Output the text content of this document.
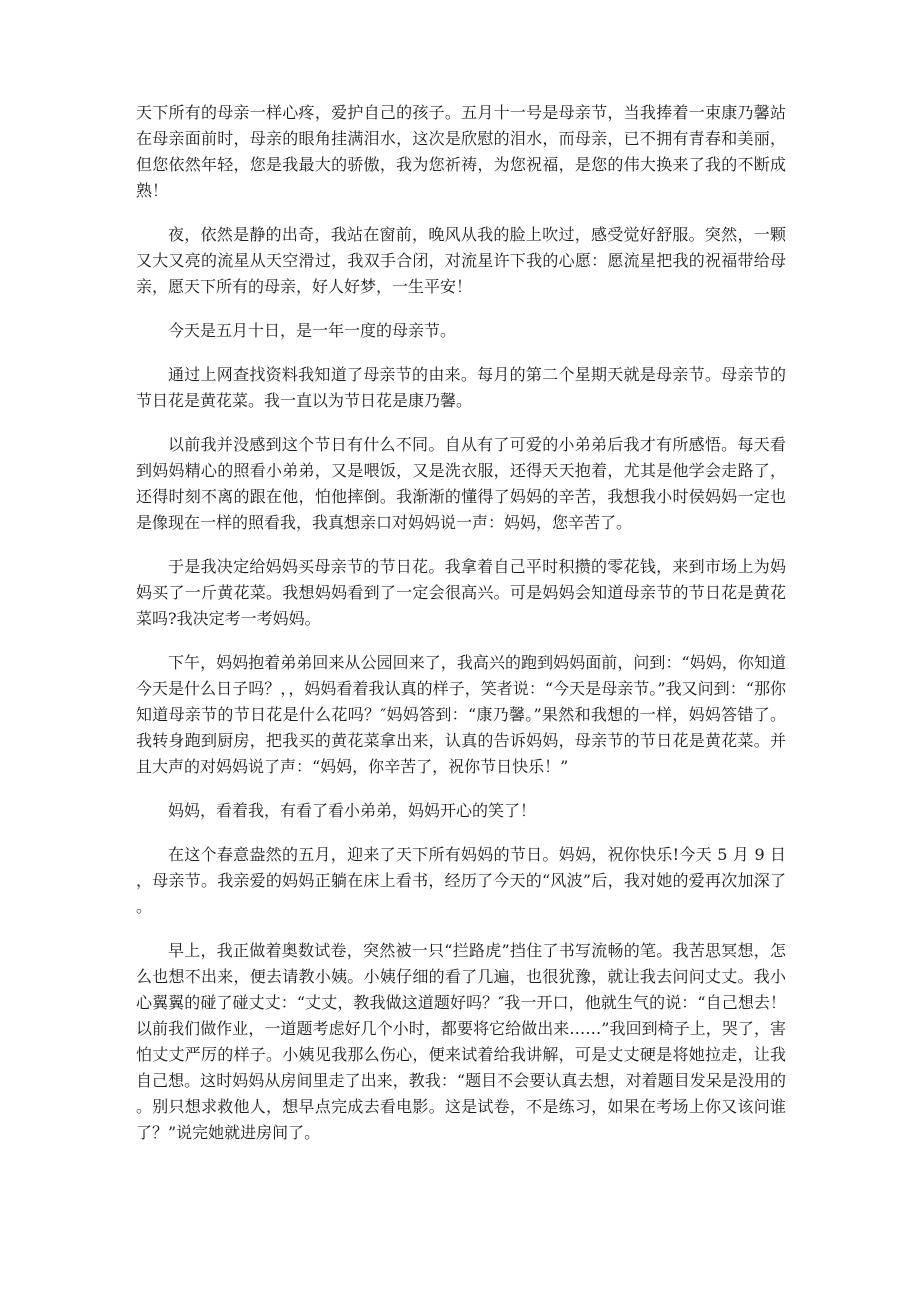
天下所有的母亲一样心疼，爱护自己的孩子。五月十一号是母亲节，当我捧着一束康乃馨站在母亲面前时，母亲的眼角挂满泪水，这次是欣慰的泪水，而母亲，已不拥有青春和美丽，但您依然年轻，您是我最大的骄傲，我为您祈祷，为您祝福，是您的伟大换来了我的不断成熟！

夜，依然是静的出奇，我站在窗前，晚风从我的脸上吹过，感受觉好舒服。突然，一颗又大又亮的流星从天空滑过，我双手合闭，对流星许下我的心愿：愿流星把我的祝福带给母亲，愿天下所有的母亲，好人好梦，一生平安！

今天是五月十日，是一年一度的母亲节。

通过上网查找资料我知道了母亲节的由来。每月的第二个星期天就是母亲节。母亲节的节日花是黄花菜。我一直以为节日花是康乃馨。

以前我并没感到这个节日有什么不同。自从有了可爱的小弟弟后我才有所感悟。每天看到妈妈精心的照看小弟弟，又是喂饭，又是洗衣服，还得天天抱着，尤其是他学会走路了，还得时刻不离的跟在他，怕他摔倒。我渐渐的懂得了妈妈的辛苦，我想我小时侯妈妈一定也是像现在一样的照看我，我真想亲口对妈妈说一声：妈妈，您辛苦了。

于是我决定给妈妈买母亲节的节日花。我拿着自己平时积攒的零花钱，来到市场上为妈妈买了一斤黄花菜。我想妈妈看到了一定会很高兴。可是妈妈会知道母亲节的节日花是黄花菜吗?我决定考一考妈妈。

下午，妈妈抱着弟弟回来从公园回来了，我高兴的跑到妈妈面前，问到：“妈妈，你知道今天是什么日子吗？，，妈妈看着我认真的样子，笑者说：“今天是母亲节。”我又问到：“那你知道母亲节的节日花是什么花吗？″妈妈答到：“康乃馨。”果然和我想的一样，妈妈答错了。我转身跑到厨房，把我买的黄花菜拿出来，认真的告诉妈妈，母亲节的节日花是黄花菜。并且大声的对妈妈说了声：“妈妈，你辛苦了，祝你节日快乐！”

妈妈，看着我，有看了看小弟弟，妈妈开心的笑了！

在这个春意盎然的五月，迎来了天下所有妈妈的节日。妈妈，祝你快乐!今天 5 月 9 日，母亲节。我亲爱的妈妈正躺在床上看书，经历了今天的“风波”后，我对她的爱再次加深了。

早上，我正做着奥数试卷，突然被一只“拦路虎”挡住了书写流畅的笔。我苦思冥想，怎么也想不出来，便去请教小姨。小姨仔细的看了几遍，也很犹豫，就让我去问问丈丈。我小心翼翼的碰了碰丈丈：“丈丈，教我做这道题好吗？″我一开口，他就生气的说：“自己想去！以前我们做作业，一道题考虑好几个小时，都要将它给做出来……”我回到椅子上，哭了，害怕丈丈严厉的样子。小姨见我那么伤心，便来试着给我讲解，可是丈丈硬是将她拉走，让我自己想。这时妈妈从房间里走了出来，教我：“题目不会要认真去想，对着题目发呆是没用的。别只想求救他人，想早点完成去看电影。这是试卷，不是练习，如果在考场上你又该问谁了？”说完她就进房间了。
